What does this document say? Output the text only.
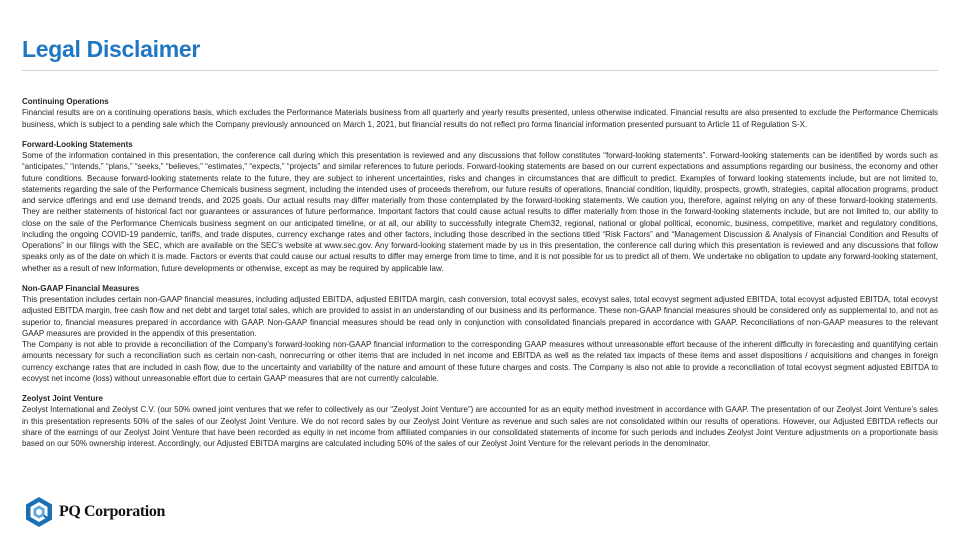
Legal Disclaimer
Continuing Operations

Financial results are on a continuing operations basis, which excludes the Performance Materials business from all quarterly and yearly results presented, unless otherwise indicated. Financial results are also presented to exclude the Performance Chemicals business, which is subject to a pending sale which the Company previously announced on March 1, 2021, but financial results do not reflect pro forma financial information presented pursuant to Article 11 of Regulation S-X.

Forward-Looking Statements

Some of the information contained in this presentation, the conference call during which this presentation is reviewed and any discussions that follow constitutes “forward-looking statements”. Forward-looking statements can be identified by words such as “anticipates,” “intends,” “plans,” “seeks,” “believes,” “estimates,” “expects,” “projects” and similar references to future periods. Forward-looking statements are based on our current expectations and assumptions regarding our business, the economy and other future conditions. Because forward-looking statements relate to the future, they are subject to inherent uncertainties, risks and changes in circumstances that are difficult to predict. Examples of forward looking statements include, but are not limited to, statements regarding the sale of the Performance Chemicals business segment, including the intended uses of proceeds therefrom, our future results of operations, financial condition, liquidity, prospects, growth, strategies, capital allocation programs, product and service offerings and end use demand trends, and 2025 goals. Our actual results may differ materially from those contemplated by the forward-looking statements. We caution you, therefore, against relying on any of these forward-looking statements. They are neither statements of historical fact nor guarantees or assurances of future performance. Important factors that could cause actual results to differ materially from those in the forward-looking statements include, but are not limited to, our ability to close on the sale of the Performance Chemicals business segment on our anticipated timeline, or at all, our ability to successfully integrate Chem32, regional, national or global political, economic, business, competitive, market and regulatory conditions, including the ongoing COVID-19 pandemic, tariffs, and trade disputes, currency exchange rates and other factors, including those described in the sections titled “Risk Factors” and “Management Discussion & Analysis of Financial Condition and Results of Operations” in our filings with the SEC, which are available on the SEC’s website at www.sec.gov. Any forward-looking statement made by us in this presentation, the conference call during which this presentation is reviewed and any discussions that follow speaks only as of the date on which it is made. Factors or events that could cause our actual results to differ may emerge from time to time, and it is not possible for us to predict all of them. We undertake no obligation to update any forward-looking statement, whether as a result of new information, future developments or otherwise, except as may be required by applicable law.

Non-GAAP Financial Measures

This presentation includes certain non-GAAP financial measures, including adjusted EBITDA, adjusted EBITDA margin, cash conversion, total ecovyst sales, ecovyst sales, total ecovyst segment adjusted EBITDA, total ecovyst adjusted EBITDA, total ecovyst adjusted EBITDA margin, free cash flow and net debt and target total sales, which are provided to assist in an understanding of our business and its performance. These non-GAAP financial measures should be considered only as supplemental to, and not as superior to, financial measures prepared in accordance with GAAP. Non-GAAP financial measures should be read only in conjunction with consolidated financials prepared in accordance with GAAP. Reconciliations of non-GAAP measures to the relevant GAAP measures are provided in the appendix of this presentation.

The Company is not able to provide a reconciliation of the Company’s forward-looking non-GAAP financial information to the corresponding GAAP measures without unreasonable effort because of the inherent difficulty in forecasting and quantifying certain amounts necessary for such a reconciliation such as certain non-cash, nonrecurring or other items that are included in net income and EBITDA as well as the related tax impacts of these items and asset dispositions / acquisitions and changes in foreign currency exchange rates that are included in cash flow, due to the uncertainty and variability of the nature and amount of these future charges and costs. The Company is also not able to provide a reconciliation of total ecovyst segment adjusted EBITDA to ecovyst net income (loss) without unreasonable effort due to certain GAAP measures that are not currently calculable.

Zeolyst Joint Venture

Zeolyst International and Zeolyst C.V. (our 50% owned joint ventures that we refer to collectively as our “Zeolyst Joint Venture”) are accounted for as an equity method investment in accordance with GAAP. The presentation of our Zeolyst Joint Venture’s sales in this presentation represents 50% of the sales of our Zeolyst Joint Venture. We do not record sales by our Zeolyst Joint Venture as revenue and such sales are not consolidated within our results of operations. However, our Adjusted EBITDA reflects our share of the earnings of our Zeolyst Joint Venture that have been recorded as equity in net income from affiliated companies in our consolidated statements of income for such periods and includes Zeolyst Joint Venture adjustments on a proportionate basis based on our 50% ownership interest. Accordingly, our Adjusted EBITDA margins are calculated including 50% of the sales of our Zeolyst Joint Venture for the relevant periods in the denominator.

PQ Corporation
